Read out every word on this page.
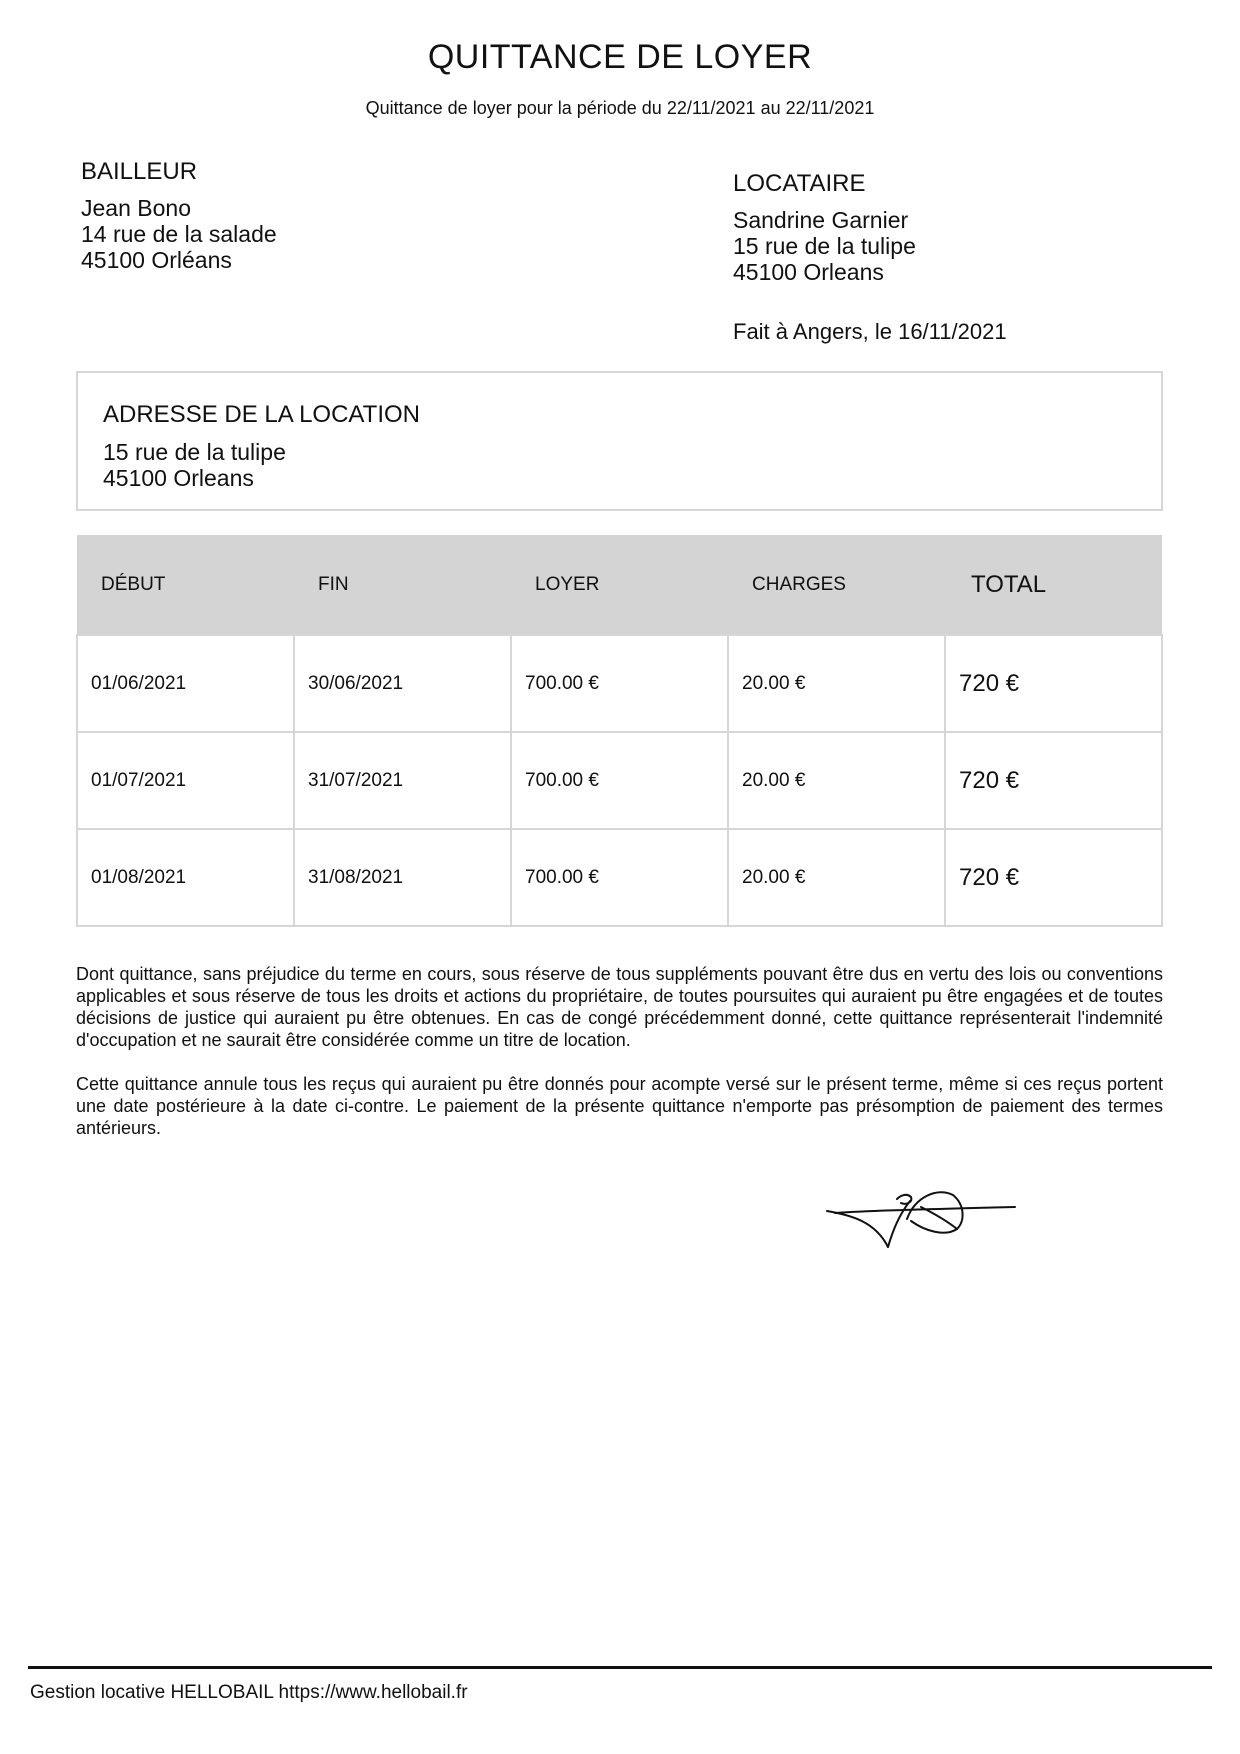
QUITTANCE DE LOYER
Quittance de loyer pour la période du 22/11/2021 au 22/11/2021
BAILLEUR
Jean Bono
14 rue de la salade
45100 Orléans
LOCATAIRE
Sandrine Garnier
15 rue de la tulipe
45100 Orleans
Fait à Angers, le 16/11/2021
ADRESSE DE LA LOCATION
15 rue de la tulipe
45100 Orleans
DÉBUT	FIN	LOYER	CHARGES	TOTAL
01/06/2021	30/06/2021	700.00 €	20.00 €	720 €
01/07/2021	31/07/2021	700.00 €	20.00 €	720 €
01/08/2021	31/08/2021	700.00 €	20.00 €	720 €
Dont quittance, sans préjudice du terme en cours, sous réserve de tous suppléments pouvant être dus en vertu des lois ou conventions applicables et sous réserve de tous les droits et actions du propriétaire, de toutes poursuites qui auraient pu être engagées et de toutes décisions de justice qui auraient pu être obtenues. En cas de congé précédemment donné, cette quittance représenterait l'indemnité d'occupation et ne saurait être considérée comme un titre de location.
Cette quittance annule tous les reçus qui auraient pu être donnés pour acompte versé sur le présent terme, même si ces reçus portent une date postérieure à la date ci-contre. Le paiement de la présente quittance n'emporte pas présomption de paiement des termes antérieurs.
Gestion locative HELLOBAIL https://www.hellobail.fr
